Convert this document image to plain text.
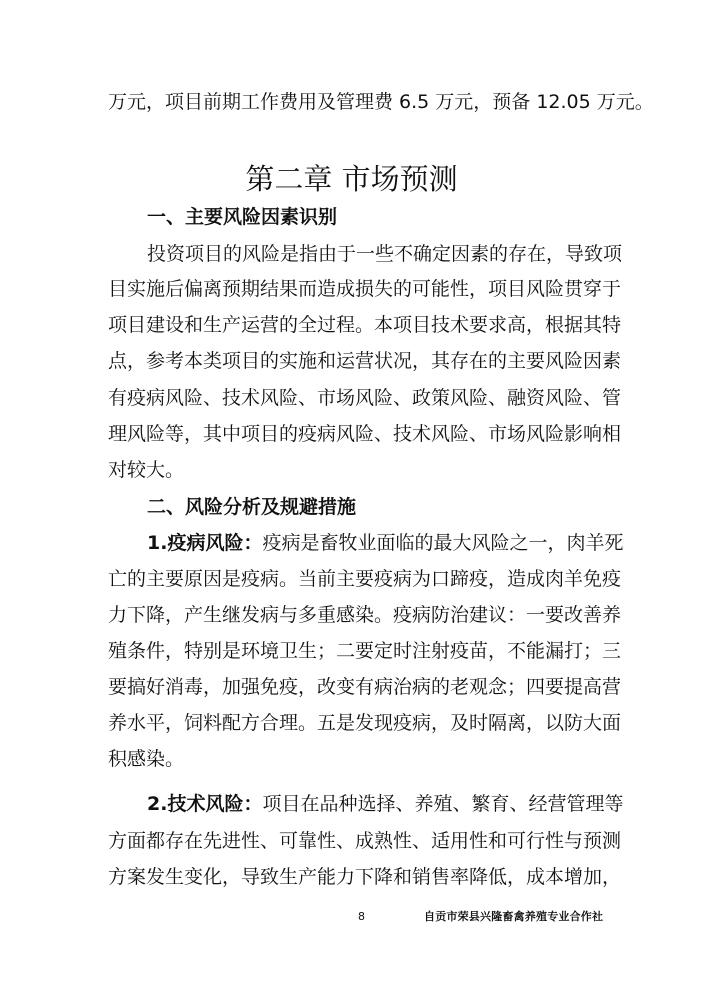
万元，项目前期工作费用及管理费 6.5 万元，预备 12.05 万元。
第二章 市场预测
一、主要风险因素识别
投资项目的风险是指由于一些不确定因素的存在，导致项
目实施后偏离预期结果而造成损失的可能性，项目风险贯穿于
项目建设和生产运营的全过程。本项目技术要求高，根据其特
点，参考本类项目的实施和运营状况，其存在的主要风险因素
有疫病风险、技术风险、市场风险、政策风险、融资风险、管
理风险等，其中项目的疫病风险、技术风险、市场风险影响相
对较大。
二、风险分析及规避措施
1.疫病风险：疫病是畜牧业面临的最大风险之一，肉羊死
亡的主要原因是疫病。当前主要疫病为口蹄疫，造成肉羊免疫
力下降，产生继发病与多重感染。疫病防治建议：一要改善养
殖条件，特别是环境卫生；二要定时注射疫苗，不能漏打；三
要搞好消毒，加强免疫，改变有病治病的老观念；四要提高营
养水平，饲料配方合理。五是发现疫病，及时隔离，以防大面
积感染。
2.技术风险：项目在品种选择、养殖、繁育、经营管理等
方面都存在先进性、可靠性、成熟性、适用性和可行性与预测
方案发生变化，导致生产能力下降和销售率降低，成本增加，
8	自贡市荣县兴隆畜禽养殖专业合作社
